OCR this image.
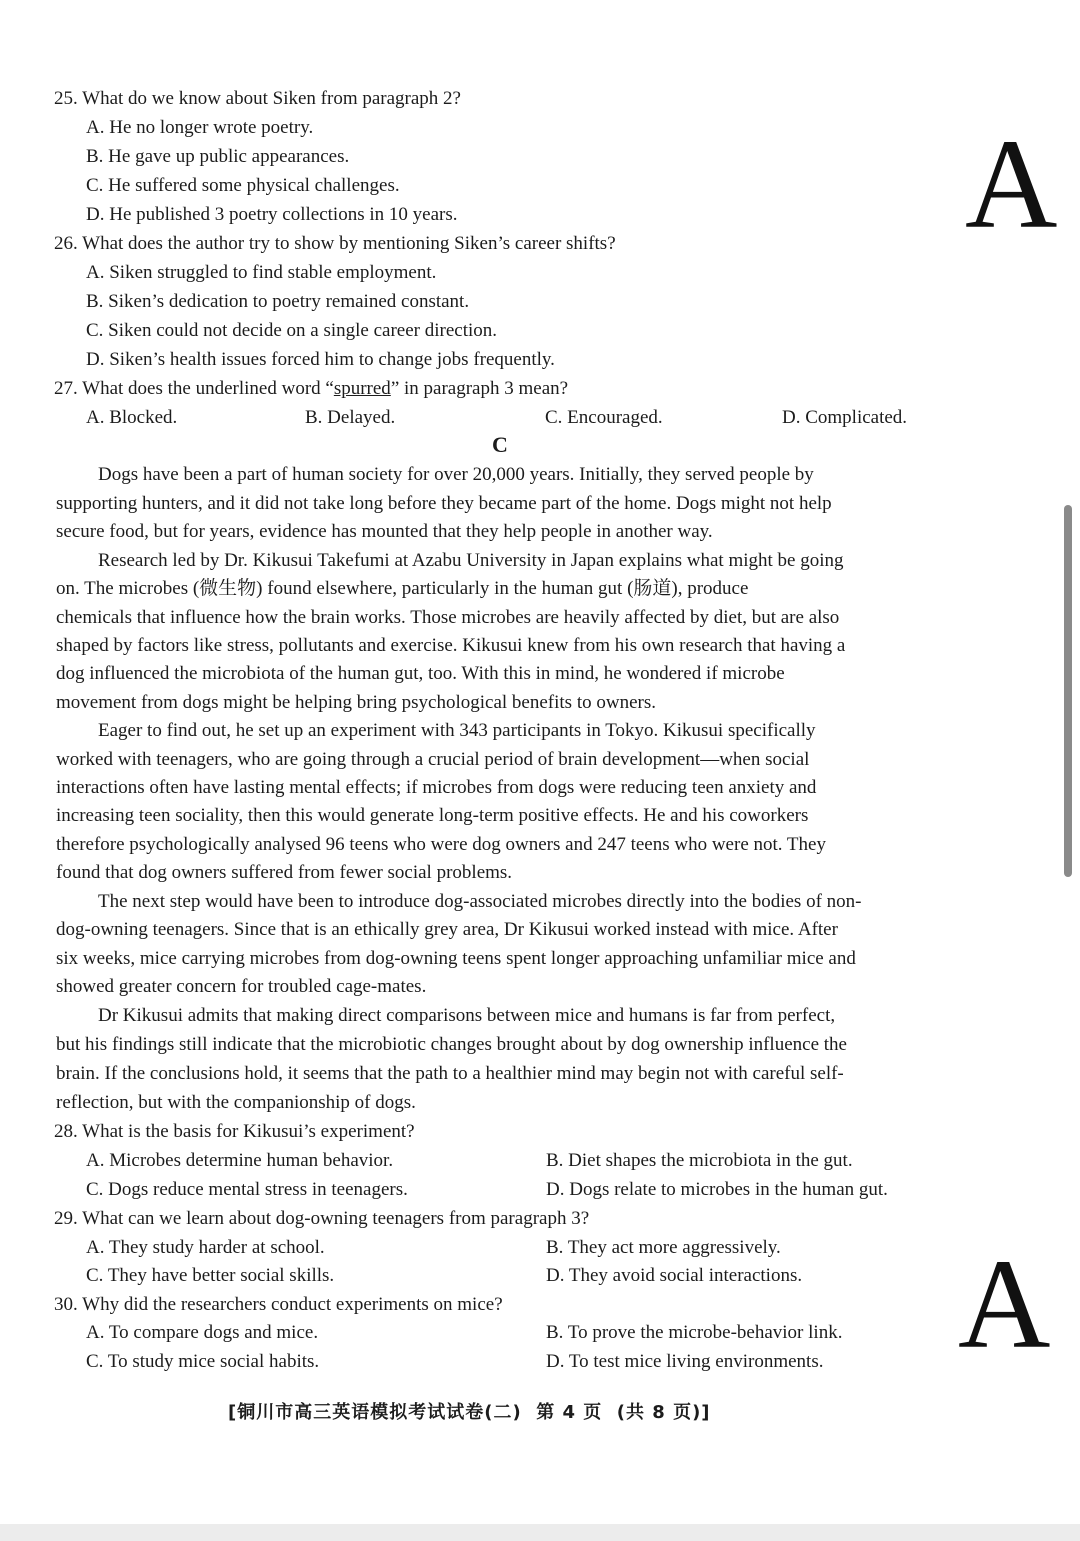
25. What do we know about Siken from paragraph 2?
A. He no longer wrote poetry.
B. He gave up public appearances.
C. He suffered some physical challenges.
D. He published 3 poetry collections in 10 years.
26. What does the author try to show by mentioning Siken’s career shifts?
A. Siken struggled to find stable employment.
B. Siken’s dedication to poetry remained constant.
C. Siken could not decide on a single career direction.
D. Siken’s health issues forced him to change jobs frequently.
27. What does the underlined word “spurred” in paragraph 3 mean?
A. Blocked.	B. Delayed.	C. Encouraged.	D. Complicated.
C
Dogs have been a part of human society for over 20,000 years. Initially, they served people by
supporting hunters, and it did not take long before they became part of the home. Dogs might not help
secure food, but for years, evidence has mounted that they help people in another way.
Research led by Dr. Kikusui Takefumi at Azabu University in Japan explains what might be going
on. The microbes (微生物) found elsewhere, particularly in the human gut (肠道), produce
chemicals that influence how the brain works. Those microbes are heavily affected by diet, but are also
shaped by factors like stress, pollutants and exercise. Kikusui knew from his own research that having a
dog influenced the microbiota of the human gut, too. With this in mind, he wondered if microbe
movement from dogs might be helping bring psychological benefits to owners.
Eager to find out, he set up an experiment with 343 participants in Tokyo. Kikusui specifically
worked with teenagers, who are going through a crucial period of brain development—when social
interactions often have lasting mental effects; if microbes from dogs were reducing teen anxiety and
increasing teen sociality, then this would generate long-term positive effects. He and his coworkers
therefore psychologically analysed 96 teens who were dog owners and 247 teens who were not. They
found that dog owners suffered from fewer social problems.
The next step would have been to introduce dog-associated microbes directly into the bodies of non-
dog-owning teenagers. Since that is an ethically grey area, Dr Kikusui worked instead with mice. After
six weeks, mice carrying microbes from dog-owning teens spent longer approaching unfamiliar mice and
showed greater concern for troubled cage-mates.
Dr Kikusui admits that making direct comparisons between mice and humans is far from perfect,
but his findings still indicate that the microbiotic changes brought about by dog ownership influence the
brain. If the conclusions hold, it seems that the path to a healthier mind may begin not with careful self-
reflection, but with the companionship of dogs.
28. What is the basis for Kikusui’s experiment?
A. Microbes determine human behavior.	B. Diet shapes the microbiota in the gut.
C. Dogs reduce mental stress in teenagers.	D. Dogs relate to microbes in the human gut.
29. What can we learn about dog-owning teenagers from paragraph 3?
A. They study harder at school.	B. They act more aggressively.
C. They have better social skills.	D. They avoid social interactions.
30. Why did the researchers conduct experiments on mice?
A. To compare dogs and mice.	B. To prove the microbe-behavior link.
C. To study mice social habits.	D. To test mice living environments.
A
A
[铜川市高三英语模拟考试试卷(二)  第 4 页  (共 8 页)]
